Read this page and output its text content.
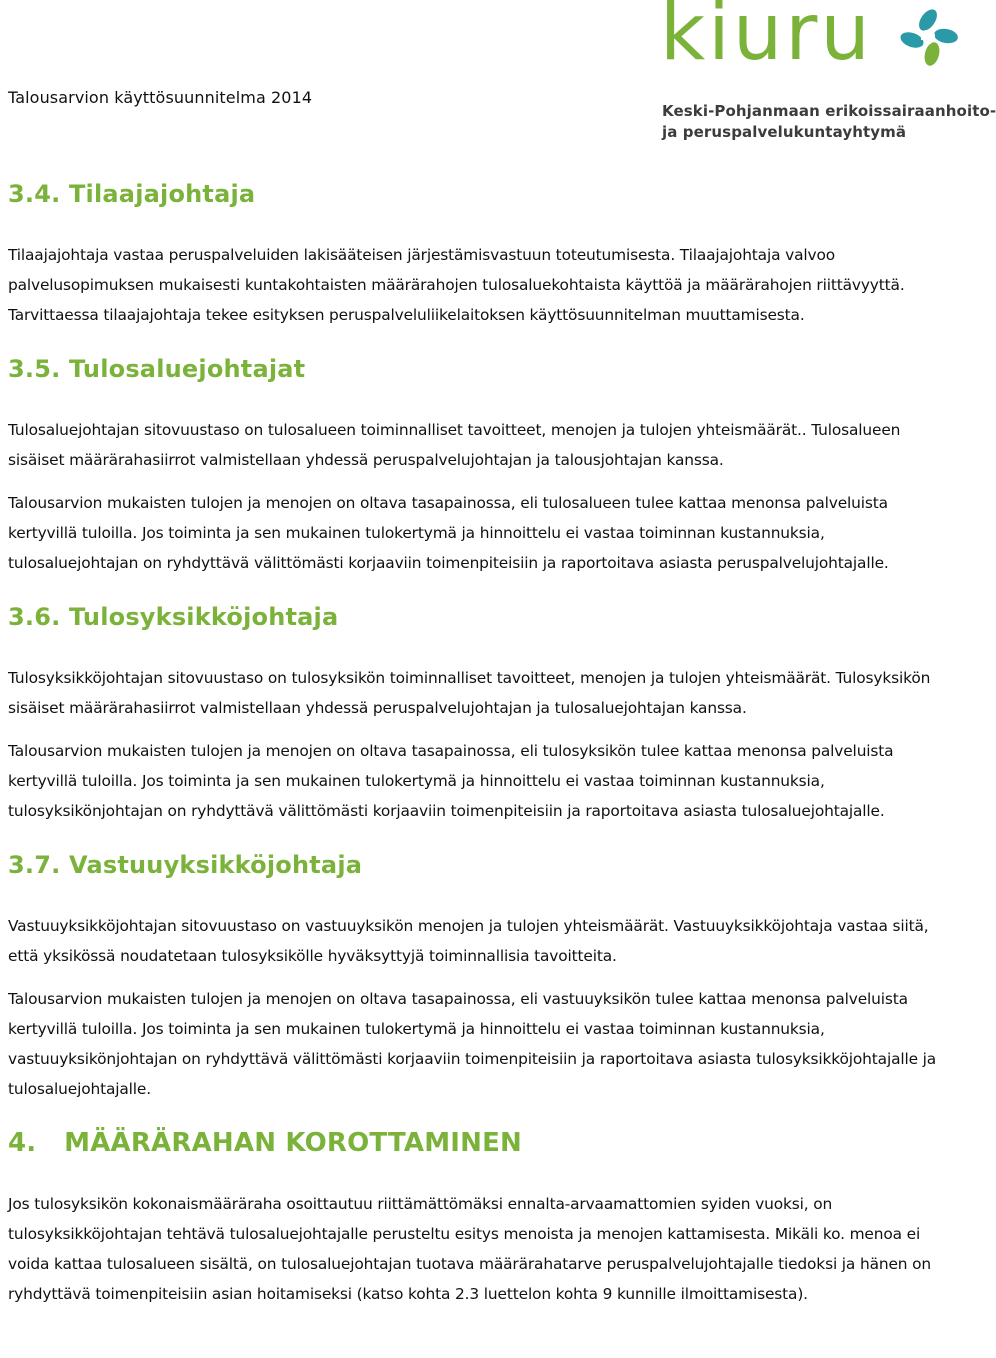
Talousarvion käyttösuunnitelma 2014
kiuru
Keski-Pohjanmaan erikoissairaanhoito-
ja peruspalvelukuntayhtymä
3.4. Tilaajajohtaja

Tilaajajohtaja vastaa peruspalveluiden lakisääteisen järjestämisvastuun toteutumisesta. Tilaajajohtaja valvoo palvelusopimuksen mukaisesti kuntakohtaisten määrärahojen tulosaluekohtaista käyttöä ja määrärahojen riittävyyttä. Tarvittaessa tilaajajohtaja tekee esityksen peruspalveluliikelaitoksen käyttösuunnitelman muuttamisesta.

3.5. Tulosaluejohtajat

Tulosaluejohtajan sitovuustaso on tulosalueen toiminnalliset tavoitteet, menojen ja tulojen yhteismäärät.. Tulosalueen sisäiset määrärahasiirrot valmistellaan yhdessä peruspalvelujohtajan ja talousjohtajan kanssa.

Talousarvion mukaisten tulojen ja menojen on oltava tasapainossa, eli tulosalueen tulee kattaa menonsa palveluista kertyvillä tuloilla. Jos toiminta ja sen mukainen tulokertymä ja hinnoittelu ei vastaa toiminnan kustannuksia, tulosaluejohtajan on ryhdyttävä välittömästi korjaaviin toimenpiteisiin ja raportoitava asiasta peruspalvelujohtajalle.

3.6. Tulosyksikköjohtaja

Tulosyksikköjohtajan sitovuustaso on tulosyksikön toiminnalliset tavoitteet, menojen ja tulojen yhteismäärät. Tulosyksikön sisäiset määrärahasiirrot valmistellaan yhdessä peruspalvelujohtajan ja tulosaluejohtajan kanssa.

Talousarvion mukaisten tulojen ja menojen on oltava tasapainossa, eli tulosyksikön tulee kattaa menonsa palveluista kertyvillä tuloilla. Jos toiminta ja sen mukainen tulokertymä ja hinnoittelu ei vastaa toiminnan kustannuksia, tulosyksikönjohtajan on ryhdyttävä välittömästi korjaaviin toimenpiteisiin ja raportoitava asiasta tulosaluejohtajalle.

3.7. Vastuuyksikköjohtaja

Vastuuyksikköjohtajan sitovuustaso on vastuuyksikön menojen ja tulojen yhteismäärät. Vastuuyksikköjohtaja vastaa siitä, että yksikössä noudatetaan tulosyksikölle hyväksyttyjä toiminnallisia tavoitteita.

Talousarvion mukaisten tulojen ja menojen on oltava tasapainossa, eli vastuuyksikön tulee kattaa menonsa palveluista kertyvillä tuloilla. Jos toiminta ja sen mukainen tulokertymä ja hinnoittelu ei vastaa toiminnan kustannuksia, vastuuyksikönjohtajan on ryhdyttävä välittömästi korjaaviin toimenpiteisiin ja raportoitava asiasta tulosyksikköjohtajalle ja tulosaluejohtajalle.

4.   MÄÄRÄRAHAN KOROTTAMINEN

Jos tulosyksikön kokonaismääräraha osoittautuu riittämättömäksi ennalta-arvaamattomien syiden vuoksi, on tulosyksikköjohtajan tehtävä tulosaluejohtajalle perusteltu esitys menoista ja menojen kattamisesta. Mikäli ko. menoa ei voida kattaa tulosalueen sisältä, on tulosaluejohtajan tuotava määrärahatarve peruspalvelujohtajalle tiedoksi ja hänen on ryhdyttävä toimenpiteisiin asian hoitamiseksi (katso kohta 2.3 luettelon kohta 9 kunnille ilmoittamisesta).
